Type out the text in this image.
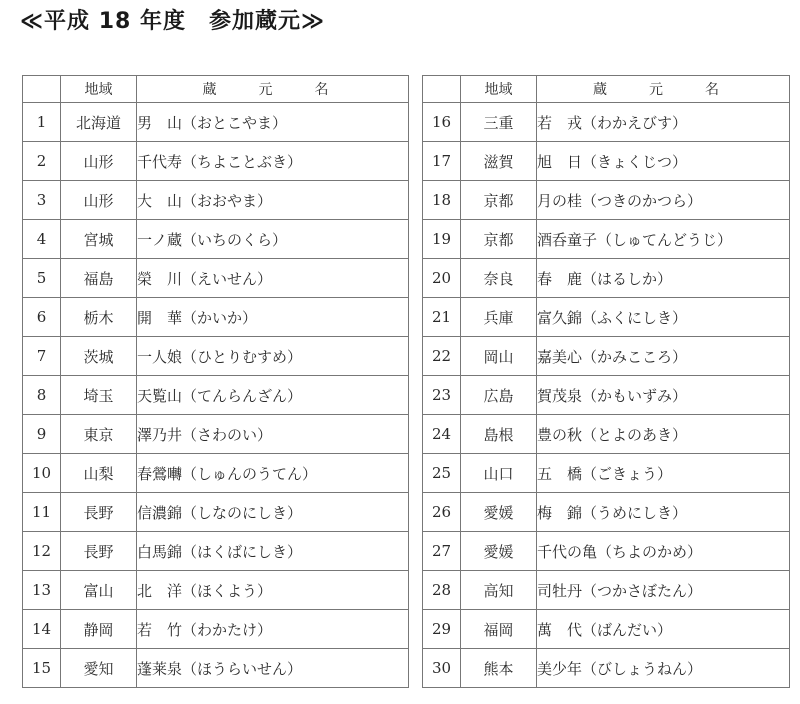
≪平成 18 年度　参加蔵元≫
	地域	蔵　元　名
1	北海道	男　山（おとこやま）
2	山形	千代寿（ちよことぶき）
3	山形	大　山（おおやま）
4	宮城	一ノ蔵（いちのくら）
5	福島	榮　川（えいせん）
6	栃木	開　華（かいか）
7	茨城	一人娘（ひとりむすめ）
8	埼玉	天覧山（てんらんざん）
9	東京	澤乃井（さわのい）
10	山梨	春鶯囀（しゅんのうてん）
11	長野	信濃錦（しなのにしき）
12	長野	白馬錦（はくばにしき）
13	富山	北　洋（ほくよう）
14	静岡	若　竹（わかたけ）
15	愛知	蓬莱泉（ほうらいせん）
	地域	蔵　元　名
16	三重	若　戎（わかえびす）
17	滋賀	旭　日（きょくじつ）
18	京都	月の桂（つきのかつら）
19	京都	酒呑童子（しゅてんどうじ）
20	奈良	春　鹿（はるしか）
21	兵庫	富久錦（ふくにしき）
22	岡山	嘉美心（かみこころ）
23	広島	賀茂泉（かもいずみ）
24	島根	豊の秋（とよのあき）
25	山口	五　橋（ごきょう）
26	愛媛	梅　錦（うめにしき）
27	愛媛	千代の亀（ちよのかめ）
28	高知	司牡丹（つかさぼたん）
29	福岡	萬　代（ばんだい）
30	熊本	美少年（びしょうねん）
